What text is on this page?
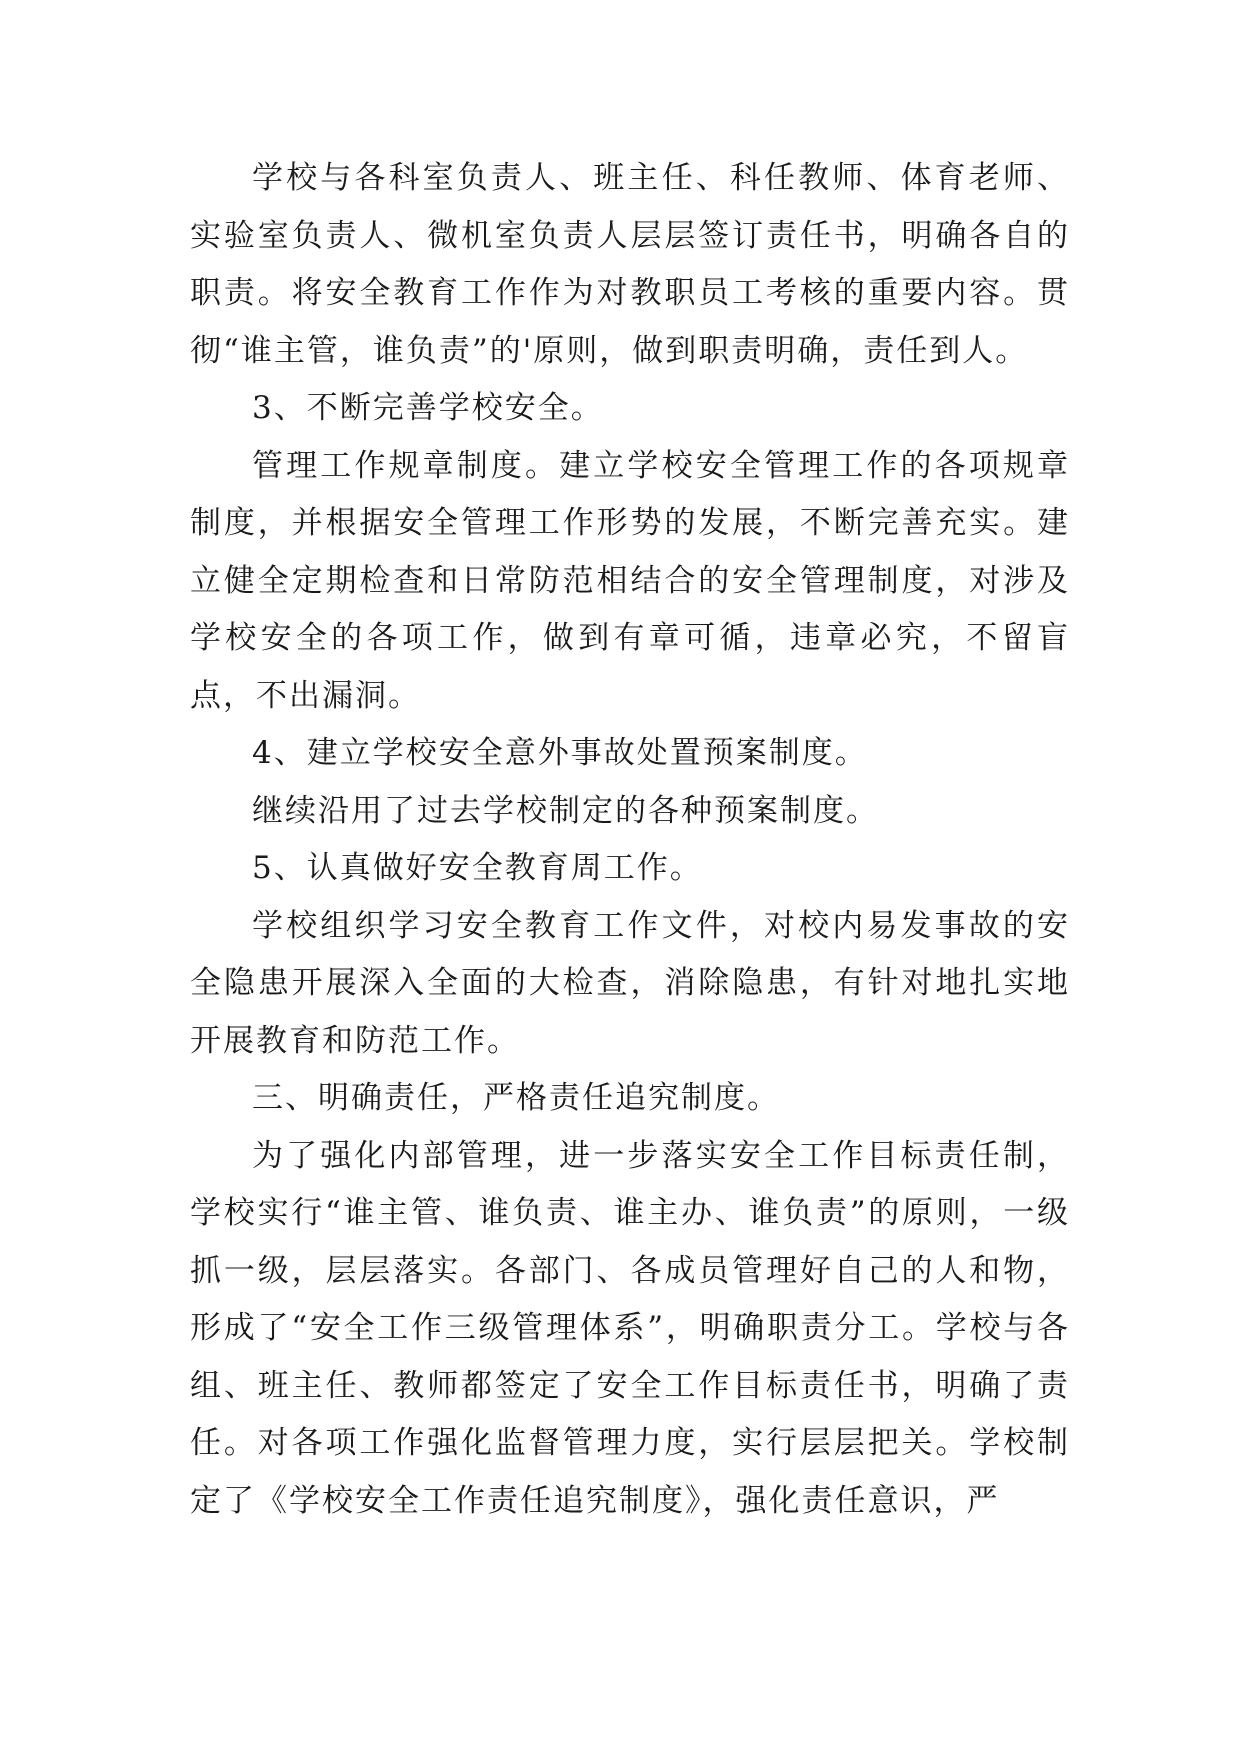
学校与各科室负责人、班主任、科任教师、体育老师、实验室负责人、微机室负责人层层签订责任书，明确各自的职责。将安全教育工作作为对教职员工考核的重要内容。贯彻“谁主管，谁负责”的'原则，做到职责明确，责任到人。

3、不断完善学校安全。

管理工作规章制度。建立学校安全管理工作的各项规章制度，并根据安全管理工作形势的发展，不断完善充实。建立健全定期检查和日常防范相结合的安全管理制度，对涉及学校安全的各项工作，做到有章可循，违章必究，不留盲点，不出漏洞。

4、建立学校安全意外事故处置预案制度。

继续沿用了过去学校制定的各种预案制度。

5、认真做好安全教育周工作。

学校组织学习安全教育工作文件，对校内易发事故的安全隐患开展深入全面的大检查，消除隐患，有针对地扎实地开展教育和防范工作。

三、明确责任，严格责任追究制度。

为了强化内部管理，进一步落实安全工作目标责任制，学校实行“谁主管、谁负责、谁主办、谁负责”的原则，一级抓一级，层层落实。各部门、各成员管理好自己的人和物，形成了“安全工作三级管理体系”，明确职责分工。学校与各组、班主任、教师都签定了安全工作目标责任书，明确了责任。对各项工作强化监督管理力度，实行层层把关。学校制定了《学校安全工作责任追究制度》，强化责任意识，严
